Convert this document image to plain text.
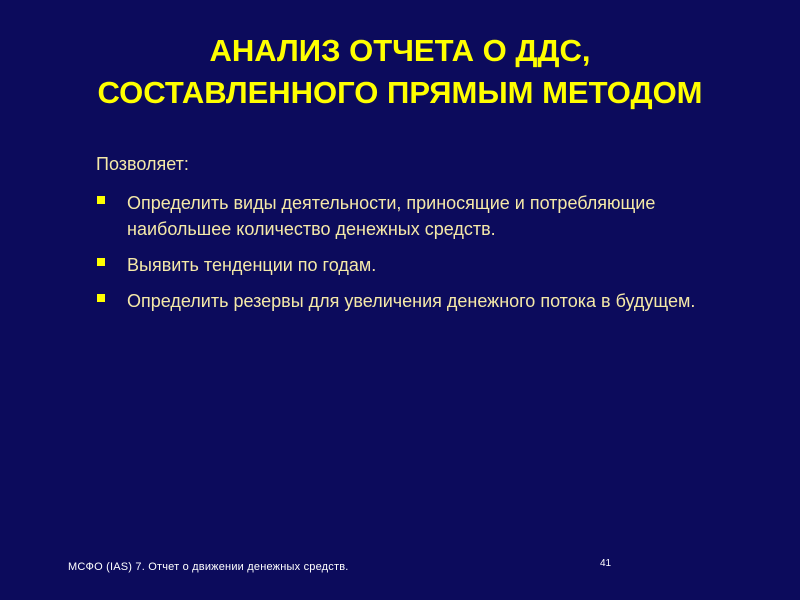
АНАЛИЗ ОТЧЕТА О ДДС,
СОСТАВЛЕННОГО ПРЯМЫМ МЕТОДОМ
Позволяет:
Определить виды деятельности, приносящие и потребляющие наибольшее количество денежных средств.
Выявить тенденции по годам.
Определить резервы для увеличения денежного потока в будущем.
МСФО (IAS) 7. Отчет о движении денежных средств.	41
